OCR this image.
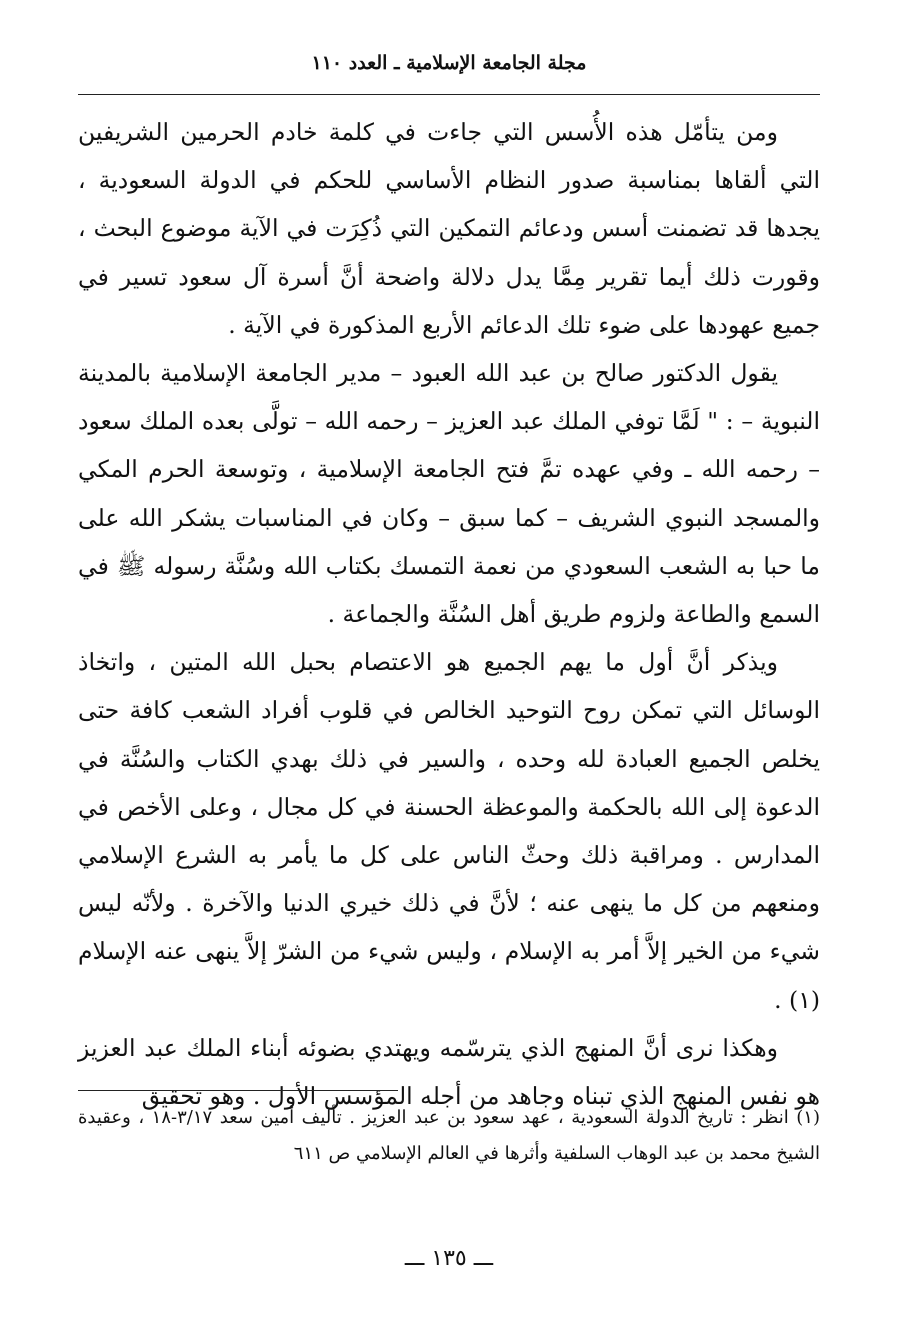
مجلة الجامعة الإسلامية ـ العدد ١١٠

ومن يتأمّل هذه الأُسس التي جاءت في كلمة خادم الحرمين الشريفين التي ألقاها بمناسبة صدور النظام الأساسي للحكم في الدولة السعودية ، يجدها قد تضمنت أسس ودعائم التمكين التي ذُكِرَت في الآية موضوع البحث ، وقورت ذلك أيما تقرير مِمَّا يدل دلالة واضحة أنَّ أسرة آل سعود تسير في جميع عهودها على ضوء تلك الدعائم الأربع المذكورة في الآية .

يقول الدكتور صالح بن عبد الله العبود – مدير الجامعة الإسلامية بالمدينة النبوية – : " لَمَّا توفي الملك عبد العزيز – رحمه الله – تولَّى بعده الملك سعود – رحمه الله ـ وفي عهده تمَّ فتح الجامعة الإسلامية ، وتوسعة الحرم المكي والمسجد النبوي الشريف – كما سبق – وكان في المناسبات يشكر الله على ما حبا به الشعب السعودي من نعمة التمسك بكتاب الله وسُنَّة رسوله ﷺ في السمع والطاعة ولزوم طريق أهل السُنَّة والجماعة .

ويذكر أنَّ أول ما يهم الجميع هو الاعتصام بحبل الله المتين ، واتخاذ الوسائل التي تمكن روح التوحيد الخالص في قلوب أفراد الشعب كافة حتى يخلص الجميع العبادة لله وحده ، والسير في ذلك بهدي الكتاب والسُنَّة في الدعوة إلى الله بالحكمة والموعظة الحسنة في كل مجال ، وعلى الأخص في المدارس . ومراقبة ذلك وحثّ الناس على كل ما يأمر به الشرع الإسلامي ومنعهم من كل ما ينهى عنه ؛ لأنَّ في ذلك خيري الدنيا والآخرة . ولأنّه ليس شيء من الخير إلاَّ أمر به الإسلام ، وليس شيء من الشرّ إلاَّ ينهى عنه الإسلام (١) .

وهكذا نرى أنَّ المنهج الذي يترسّمه ويهتدي بضوئه أبناء الملك عبد العزيز هو نفس المنهج الذي تبناه وجاهد من أجله المؤسس الأول . وهو تحقيق

(١) انظر : تاريخ الدولة السعودية ، عهد سعود بن عبد العزيز . تأليف أمين سعد ٣/١٧-١٨ ، وعقيدة الشيخ محمد بن عبد الوهاب السلفية وأثرها في العالم الإسلامي ص ٦١١
ـــ ١٣٥ ـــ
